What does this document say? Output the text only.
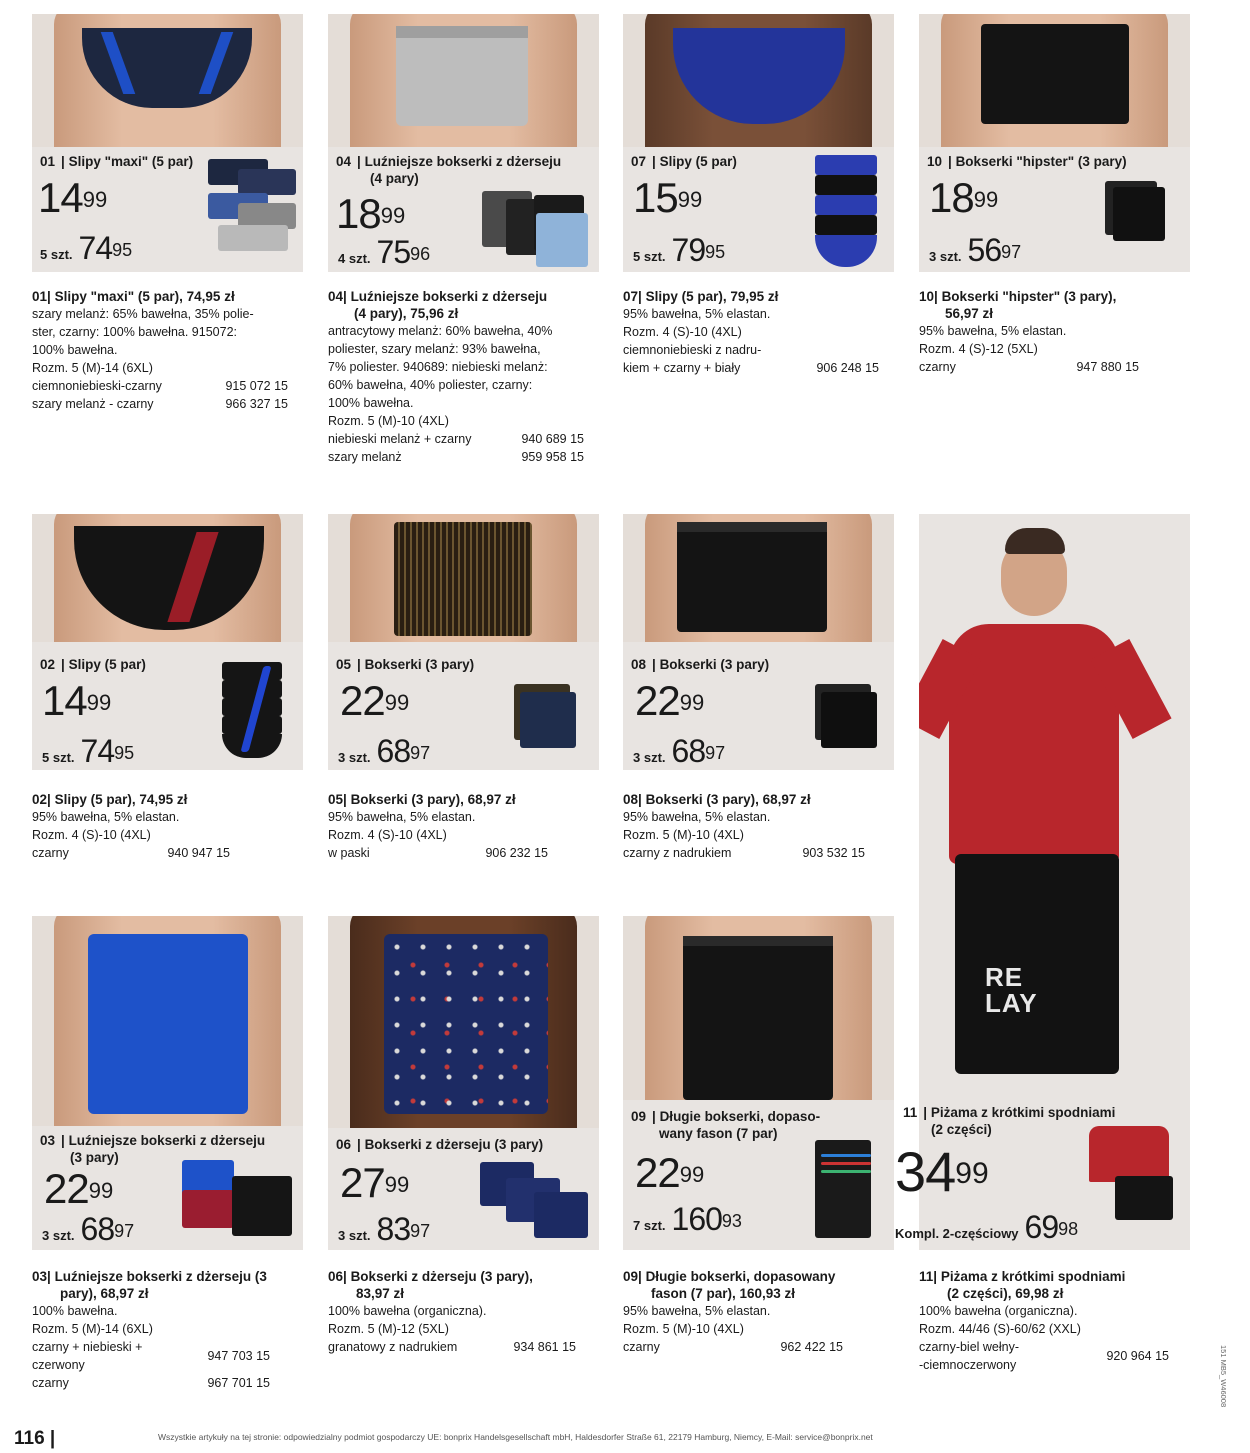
01 | Slipy "maxi" (5 par)
$14^{99}$
5 szt. $74^{95}$
01| Slipy "maxi" (5 par), 74,95 zł
szary melanż: 65% bawełna, 35% polie-
ster, czarny: 100% bawełna. 915072:
100% bawełna.
Rozm. 5 (M)-14 (6XL)
ciemnoniebieski-czarny	915 072 15
szary melanż - czarny	966 327 15
04 | Luźniejsze bokserki z dżerseju
(4 pary)
$18^{99}$
4 szt. $75^{96}$
04| Luźniejsze bokserki z dżerseju
(4 pary), 75,96 zł
antracytowy melanż: 60% bawełna, 40%
poliester, szary melanż: 93% bawełna,
7% poliester. 940689: niebieski melanż:
60% bawełna, 40% poliester, czarny:
100% bawełna.
Rozm. 5 (M)-10 (4XL)
niebieski melanż + czarny	940 689 15
szary melanż	959 958 15
07 | Slipy (5 par)
$15^{99}$
5 szt. $79^{95}$
07| Slipy (5 par), 79,95 zł
95% bawełna, 5% elastan.
Rozm. 4 (S)-10 (4XL)
ciemnoniebieski z nadru-
kiem + czarny + biały	906 248 15
10 | Bokserki "hipster" (3 pary)
$18^{99}$
3 szt. $56^{97}$
10| Bokserki "hipster" (3 pary),
56,97 zł
95% bawełna, 5% elastan.
Rozm. 4 (S)-12 (5XL)
czarny	947 880 15
02 | Slipy (5 par)
$14^{99}$
5 szt. $74^{95}$
02| Slipy (5 par), 74,95 zł
95% bawełna, 5% elastan.
Rozm. 4 (S)-10 (4XL)
czarny	940 947 15
05 | Bokserki (3 pary)
$22^{99}$
3 szt. $68^{97}$
05| Bokserki (3 pary), 68,97 zł
95% bawełna, 5% elastan.
Rozm. 4 (S)-10 (4XL)
w paski	906 232 15
08 | Bokserki (3 pary)
$22^{99}$
3 szt. $68^{97}$
08| Bokserki (3 pary), 68,97 zł
95% bawełna, 5% elastan.
Rozm. 5 (M)-10 (4XL)
czarny z nadrukiem	903 532 15
RE LAY
11 | Piżama z krótkimi spodniami
(2 części)
$34^{99}$
Kompl. 2-częściowy $69^{98}$
11| Piżama z krótkimi spodniami
(2 części), 69,98 zł
100% bawełna (organiczna).
Rozm. 44/46 (S)-60/62 (XXL)
czarny-biel wełny-
-ciemnoczerwony
920 964 15
03 | Luźniejsze bokserki z dżerseju
(3 pary)
$22^{99}$
3 szt. $68^{97}$
03| Luźniejsze bokserki z dżerseju (3
pary), 68,97 zł
100% bawełna.
Rozm. 5 (M)-14 (6XL)
czarny + niebieski +
czerwony
947 703 15
czarny	967 701 15
06 | Bokserki z dżerseju (3 pary)
$27^{99}$
3 szt. $83^{97}$
06| Bokserki z dżerseju (3 pary),
83,97 zł
100% bawełna (organiczna).
Rozm. 5 (M)-12 (5XL)
granatowy z nadrukiem	934 861 15
09 | Długie bokserki, dopaso-
wany fason (7 par)
$22^{99}$
7 szt. $160^{93}$
09| Długie bokserki, dopasowany
fason (7 par), 160,93 zł
95% bawełna, 5% elastan.
Rozm. 5 (M)-10 (4XL)
czarny	962 422 15
116 |	Wszystkie artykuły na tej stronie: odpowiedzialny podmiot gospodarczy UE: bonprix Handelsgesellschaft mbH, Haldesdorfer Straße 61, 22179 Hamburg, Niemcy, E-Mail: service@bonprix.net
151 MB5_W46008
